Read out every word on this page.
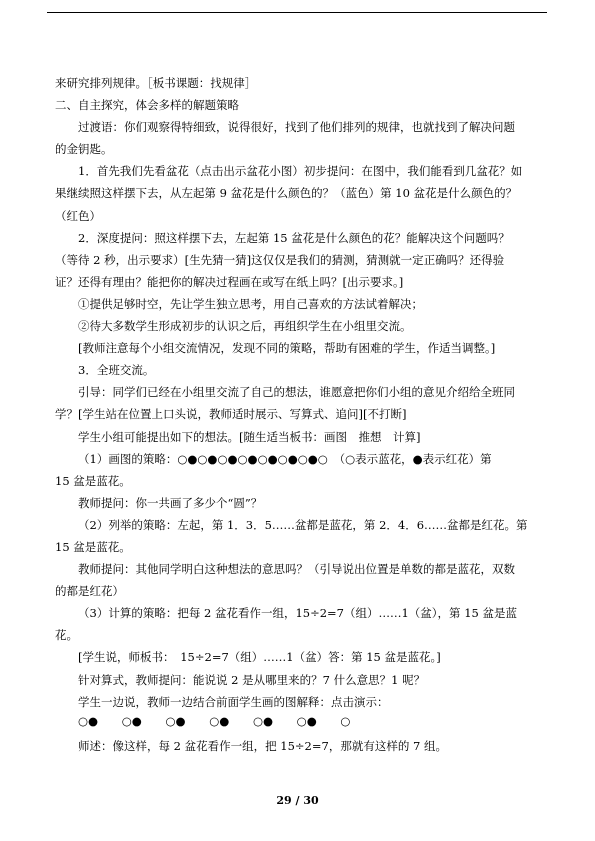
来研究排列规律。［板书课题：找规律］

二、自主探究，体会多样的解题策略

过渡语：你们观察得特细致，说得很好，找到了他们排列的规律，也就找到了解决问题

的金钥匙。

1．首先我们先看盆花（点击出示盆花小图）初步提问：在图中，我们能看到几盆花？如

果继续照这样摆下去，从左起第 9 盆花是什么颜色的？（蓝色）第 10 盆花是什么颜色的？

（红色）

2．深度提问：照这样摆下去，左起第 15 盆花是什么颜色的花？能解决这个问题吗？

（等待 2 秒，出示要求）[生先猜一猜]这仅仅是我们的猜测，猜测就一定正确吗？还得验

证？还得有理由？能把你的解决过程画在或写在纸上吗？[出示要求。]

①提供足够时空，先让学生独立思考，用自己喜欢的方法试着解决；

②待大多数学生形成初步的认识之后，再组织学生在小组里交流。

[教师注意每个小组交流情况，发现不同的策略，帮助有困难的学生，作适当调整。]

3．全班交流。

引导：同学们已经在小组里交流了自己的想法，谁愿意把你们小组的意见介绍给全班同

学？[学生站在位置上口头说，教师适时展示、写算式、追问][不打断]

学生小组可能提出如下的想法。[随生适当板书：画图　推想　计算]

（1）画图的策略：○●○●○●○●○●○●○●○　（○表示蓝花，●表示红花）第

15 盆是蓝花。

教师提问：你一共画了多少个“圆”？

（2）列举的策略：左起，第 1．3．5……盆都是蓝花，第 2．4．6……盆都是红花。第

15 盆是蓝花。

教师提问：其他同学明白这种想法的意思吗？（引导说出位置是单数的都是蓝花，双数

的都是红花）

（3）计算的策略：把每 2 盆花看作一组，15÷2=7（组）……1（盆），第 15 盆是蓝

花。

[学生说，师板书：　15÷2=7（组）……1（盆）答：第 15 盆是蓝花。]

针对算式，教师提问：能说说 2 是从哪里来的？7 什么意思？1 呢？

学生一边说，教师一边结合前面学生画的图解释：点击演示：

○● ○● ○● ○● ○● ○● ○

师述：像这样，每 2 盆花看作一组，把 15÷2=7，那就有这样的 7 组。

29 / 30
